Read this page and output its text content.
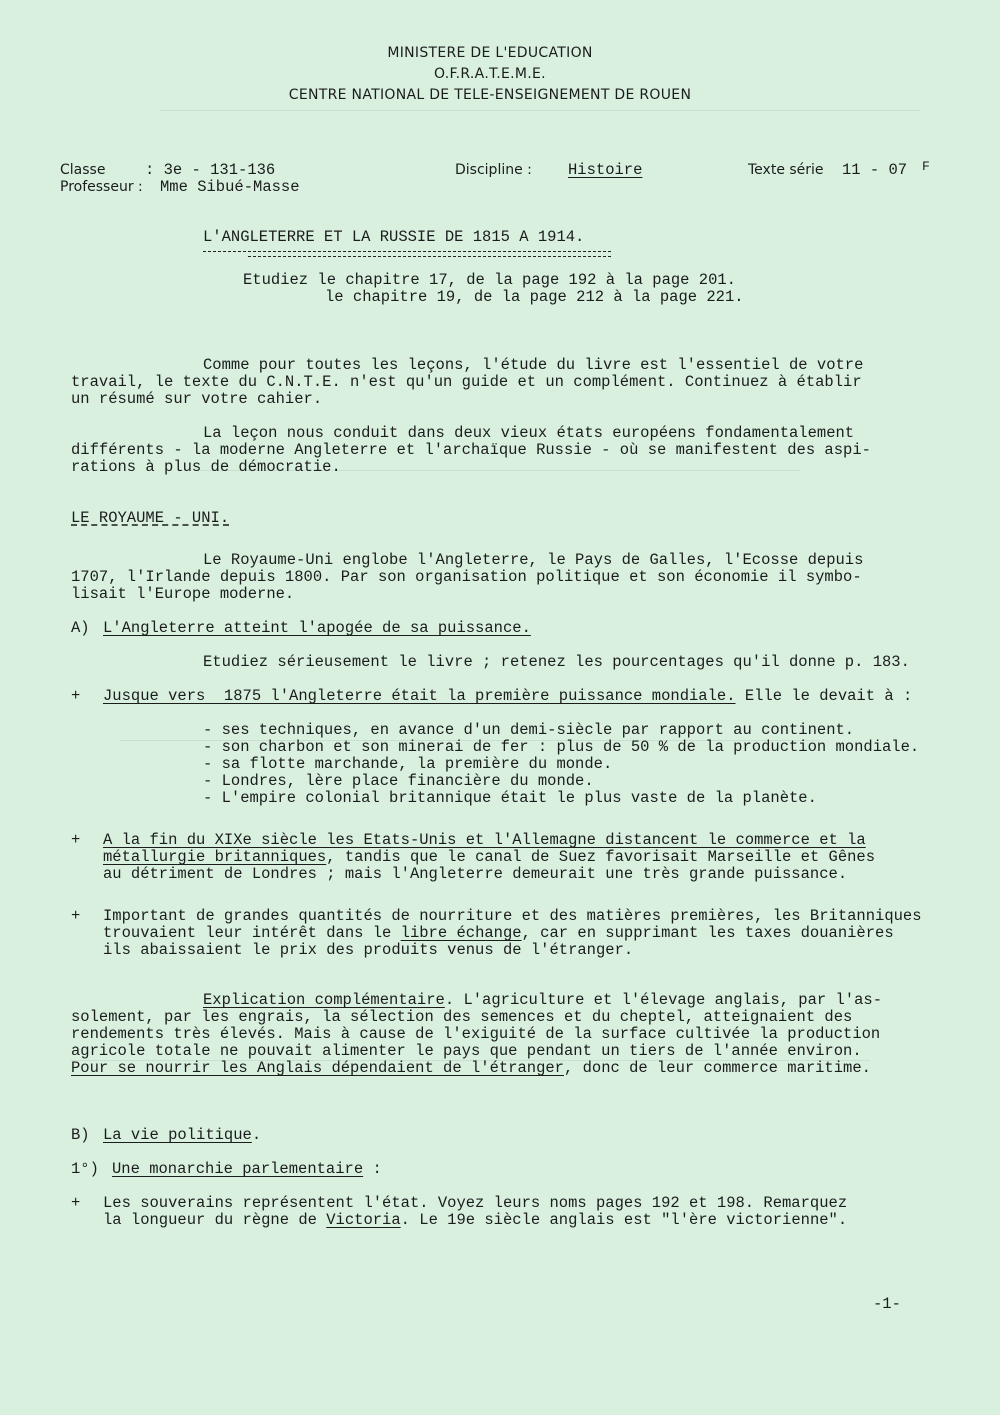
MINISTERE DE L'EDUCATION
O.F.R.A.T.E.M.E.
CENTRE NATIONAL DE TELE-ENSEIGNEMENT DE ROUEN
Classe	: 3e - 131-136
Professeur : Mme Sibué-Masse
Discipline : Histoire	Texte série 11 - 07 F
L'ANGLETERRE ET LA RUSSIE DE 1815 A 1914.
Etudiez le chapitre 17, de la page 192 à la page 201.
le chapitre 19, de la page 212 à la page 221.
Comme pour toutes les leçons, l'étude du livre est l'essentiel de votre
travail, le texte du C.N.T.E. n'est qu'un guide et un complément. Continuez à établir
un résumé sur votre cahier.
La leçon nous conduit dans deux vieux états européens fondamentalement
différents - la moderne Angleterre et l'archaïque Russie - où se manifestent des aspi-
rations à plus de démocratie.
LE ROYAUME - UNI.
Le Royaume-Uni englobe l'Angleterre, le Pays de Galles, l'Ecosse depuis
1707, l'Irlande depuis 1800. Par son organisation politique et son économie il symbo-
lisait l'Europe moderne.
A) L'Angleterre atteint l'apogée de sa puissance.
Etudiez sérieusement le livre ; retenez les pourcentages qu'il donne p. 183.
+ Jusque vers  1875 l'Angleterre était la première puissance mondiale. Elle le devait à :
- ses techniques, en avance d'un demi-siècle par rapport au continent.
- son charbon et son minerai de fer : plus de 50 % de la production mondiale.
- sa flotte marchande, la première du monde.
- Londres, lère place financière du monde.
- L'empire colonial britannique était le plus vaste de la planète.
+ A la fin du XIXe siècle les Etats-Unis et l'Allemagne distancent le commerce et la
métallurgie britanniques, tandis que le canal de Suez favorisait Marseille et Gênes
au détriment de Londres ; mais l'Angleterre demeurait une très grande puissance.
+ Important de grandes quantités de nourriture et des matières premières, les Britanniques
trouvaient leur intérêt dans le libre échange, car en supprimant les taxes douanières
ils abaissaient le prix des produits venus de l'étranger.
Explication complémentaire. L'agriculture et l'élevage anglais, par l'as-
solement, par les engrais, la sélection des semences et du cheptel, atteignaient des
rendements très élevés. Mais à cause de l'exiguité de la surface cultivée la production
agricole totale ne pouvait alimenter le pays que pendant un tiers de l'année environ.
Pour se nourrir les Anglais dépendaient de l'étranger, donc de leur commerce maritime.
B) La vie politique.
1°) Une monarchie parlementaire :
+ Les souverains représentent l'état. Voyez leurs noms pages 192 et 198. Remarquez
la longueur du règne de Victoria. Le 19e siècle anglais est "l'ère victorienne".
-1-
